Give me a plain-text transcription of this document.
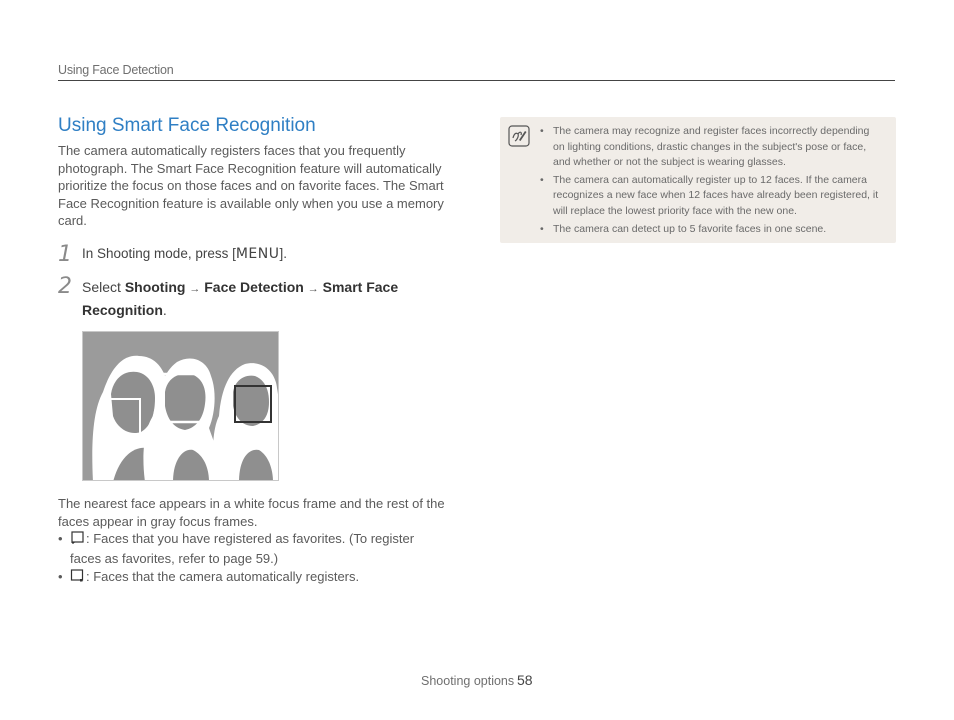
Using Face Detection
Using Smart Face Recognition
The camera automatically registers faces that you frequently photograph. The Smart Face Recognition feature will automatically prioritize the focus on those faces and on favorite faces. The Smart Face Recognition feature is available only when you use a memory card.
1 In Shooting mode, press [MENU].
2 Select Shooting → Face Detection → Smart Face Recognition.
The nearest face appears in a white focus frame and the rest of the faces appear in gray focus frames.
•	: Faces that you have registered as favorites. (To register faces as favorites, refer to page 59.)
•	: Faces that the camera automatically registers.
• The camera may recognize and register faces incorrectly depending on lighting conditions, drastic changes in the subject's pose or face, and whether or not the subject is wearing glasses.
• The camera can automatically register up to 12 faces. If the camera recognizes a new face when 12 faces have already been registered, it will replace the lowest priority face with the new one.
• The camera can detect up to 5 favorite faces in one scene.
Shooting options 58
